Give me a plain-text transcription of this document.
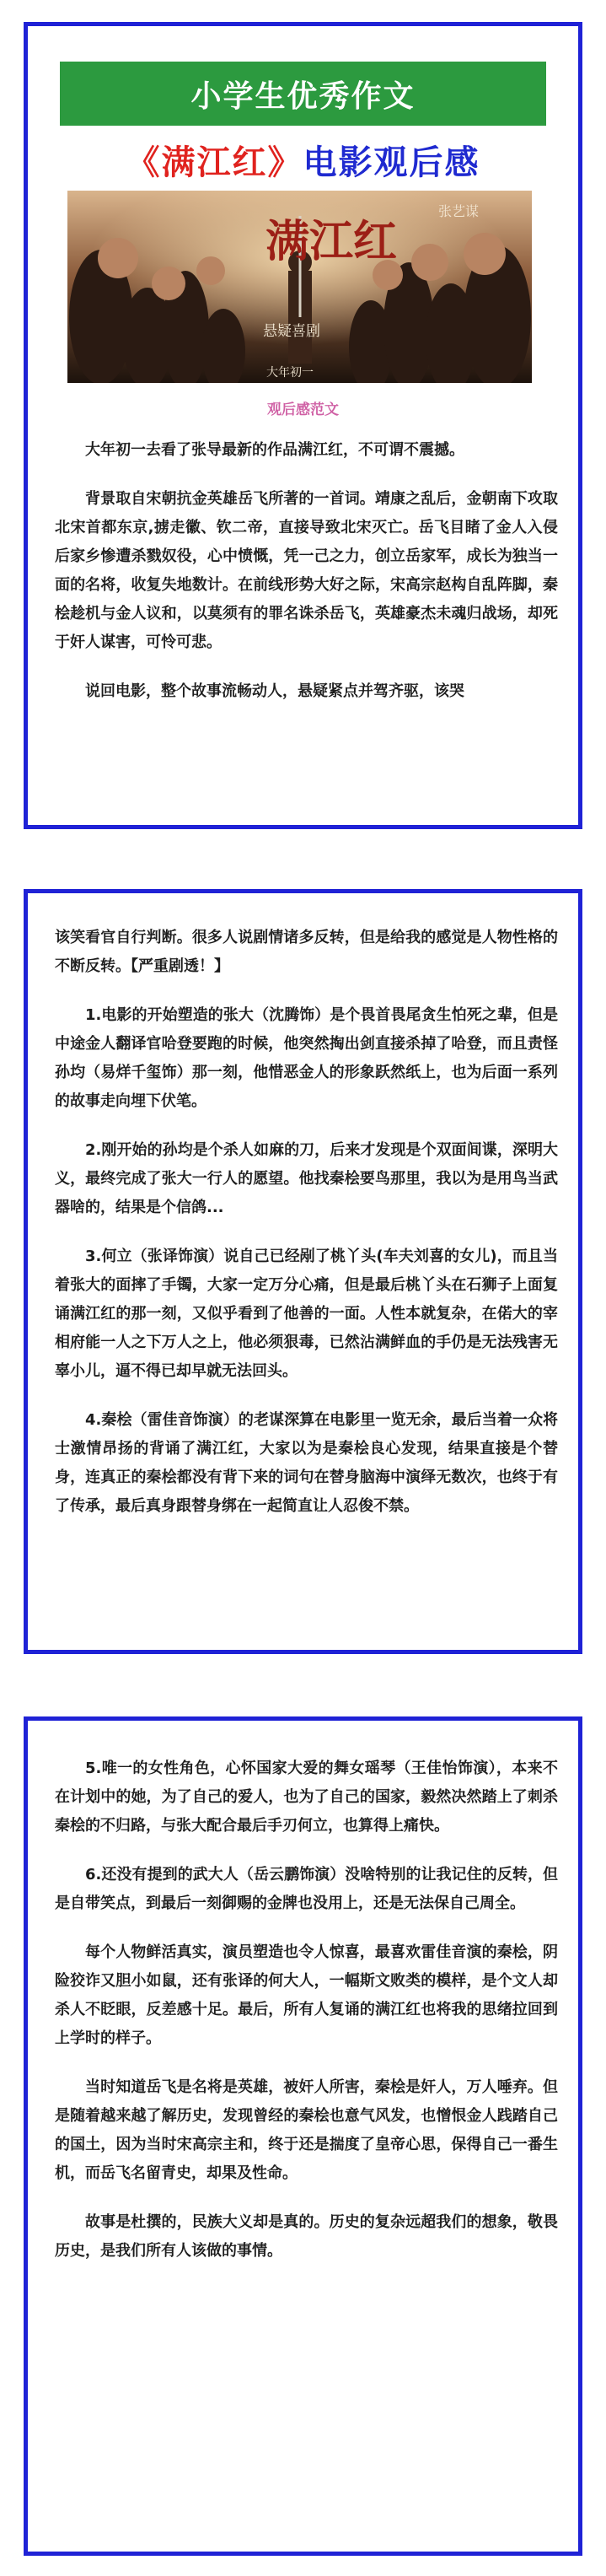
小学生优秀作文
《满江红》电影观后感
满江红
张艺谋
悬疑喜剧
大年初一
观后感范文

大年初一去看了张导最新的作品满江红，不可谓不震撼。

背景取自宋朝抗金英雄岳飞所著的一首词。靖康之乱后，金朝南下攻取北宋首都东京,掳走徽、钦二帝，直接导致北宋灭亡。岳飞目睹了金人入侵后家乡惨遭杀戮奴役，心中愤慨，凭一己之力，创立岳家军，成长为独当一面的名将，收复失地数计。在前线形势大好之际，宋高宗赵构自乱阵脚，秦桧趁机与金人议和，以莫须有的罪名诛杀岳飞，英雄豪杰未魂归战场，却死于奸人谋害，可怜可悲。

说回电影，整个故事流畅动人，悬疑紧点并驾齐驱，该哭

该笑看官自行判断。很多人说剧情诸多反转，但是给我的感觉是人物性格的不断反转。【严重剧透！】

1.电影的开始塑造的张大（沈腾饰）是个畏首畏尾贪生怕死之辈，但是中途金人翻译官哈登要跑的时候，他突然掏出剑直接杀掉了哈登，而且责怪孙均（易烊千玺饰）那一刻，他惜恶金人的形象跃然纸上，也为后面一系列的故事走向埋下伏笔。

2.刚开始的孙均是个杀人如麻的刀，后来才发现是个双面间谍，深明大义，最终完成了张大一行人的愿望。他找秦桧要鸟那里，我以为是用鸟当武器啥的，结果是个信鸽...

3.何立（张译饰演）说自己已经剐了桃丫头(车夫刘喜的女儿)，而且当着张大的面摔了手镯，大家一定万分心痛，但是最后桃丫头在石狮子上面复诵满江红的那一刻，又似乎看到了他善的一面。人性本就复杂，在偌大的宰相府能一人之下万人之上，他必须狠毒，已然沾满鲜血的手仍是无法残害无辜小儿，逼不得已却早就无法回头。

4.秦桧（雷佳音饰演）的老谋深算在电影里一览无余，最后当着一众将士激情昂扬的背诵了满江红，大家以为是秦桧良心发现，结果直接是个替身，连真正的秦桧都没有背下来的词句在替身脑海中演绎无数次，也终于有了传承，最后真身跟替身绑在一起简直让人忍俊不禁。

5.唯一的女性角色，心怀国家大爱的舞女瑶琴（王佳怡饰演），本来不在计划中的她，为了自己的爱人，也为了自己的国家，毅然决然踏上了刺杀秦桧的不归路，与张大配合最后手刃何立，也算得上痛快。

6.还没有提到的武大人（岳云鹏饰演）没啥特别的让我记住的反转，但是自带笑点，到最后一刻御赐的金牌也没用上，还是无法保自己周全。

每个人物鲜活真实，演员塑造也令人惊喜，最喜欢雷佳音演的秦桧，阴险狡诈又胆小如鼠，还有张译的何大人，一幅斯文败类的模样，是个文人却杀人不眨眼，反差感十足。最后，所有人复诵的满江红也将我的思绪拉回到上学时的样子。

当时知道岳飞是名将是英雄，被奸人所害，秦桧是奸人，万人唾弃。但是随着越来越了解历史，发现曾经的秦桧也意气风发，也憎恨金人践踏自己的国土，因为当时宋高宗主和，终于还是揣度了皇帝心思，保得自己一番生机，而岳飞名留青史，却果及性命。

故事是杜撰的，民族大义却是真的。历史的复杂远超我们的想象，敬畏历史，是我们所有人该做的事情。
